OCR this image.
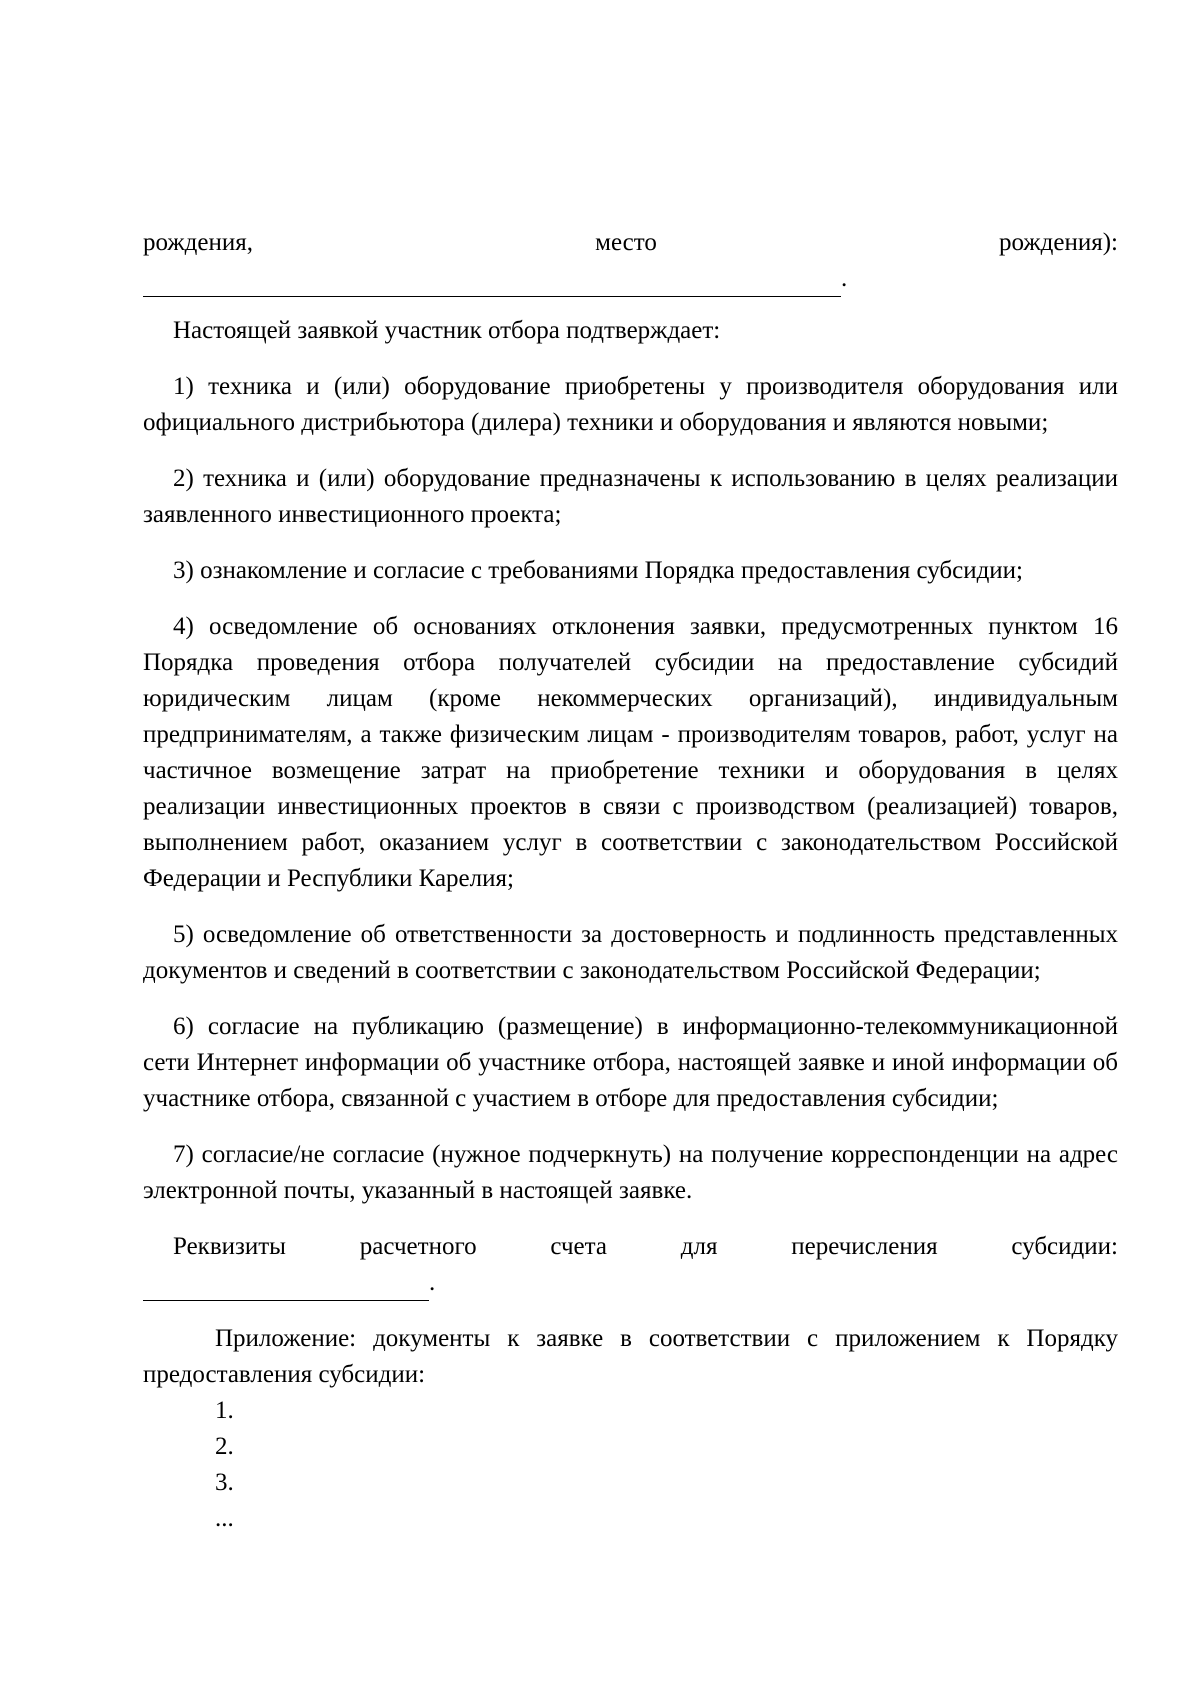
рождения,	место	рождения):
.
Настоящей заявкой участник отбора подтверждает:
1) техника и (или) оборудование приобретены у производителя оборудования или официального дистрибьютора (дилера) техники и оборудования и являются новыми;
2) техника и (или) оборудование предназначены к использованию в целях реализации заявленного инвестиционного проекта;
3) ознакомление и согласие с требованиями Порядка предоставления субсидии;
4) осведомление об основаниях отклонения заявки, предусмотренных пунктом 16 Порядка проведения отбора получателей субсидии на предоставление субсидий юридическим лицам (кроме некоммерческих организаций), индивидуальным предпринимателям, а также физическим лицам - производителям товаров, работ, услуг на частичное возмещение затрат на приобретение техники и оборудования в целях реализации инвестиционных проектов в связи с производством (реализацией) товаров, выполнением работ, оказанием услуг в соответствии с законодательством Российской Федерации и Республики Карелия;
5) осведомление об ответственности за достоверность и подлинность представленных документов и сведений в соответствии с законодательством Российской Федерации;
6) согласие на публикацию (размещение) в информационно-телекоммуникационной сети Интернет информации об участнике отбора, настоящей заявке и иной информации об участнике отбора, связанной с участием в отборе для предоставления субсидии;
7) согласие/не согласие (нужное подчеркнуть) на получение корреспонденции на адрес электронной почты, указанный в настоящей заявке.
Реквизиты	расчетного	счета	для	перечисления	субсидии:
.
Приложение: документы к заявке в соответствии с приложением к Порядку предоставления субсидии:
1.
2.
3.
...
